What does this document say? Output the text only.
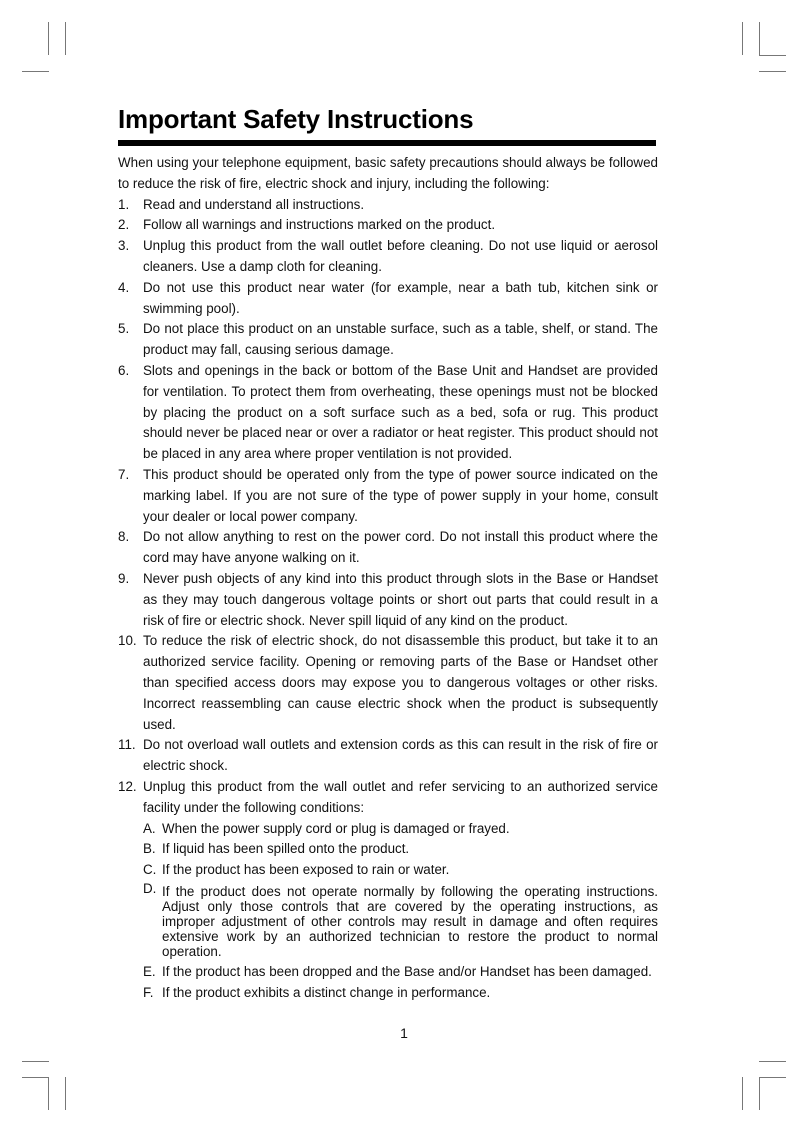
Important Safety Instructions

When using your telephone equipment, basic safety precautions should always be followed to reduce the risk of fire, electric shock and injury, including the following:

1.	Read and understand all instructions.
2.	Follow all warnings and instructions marked on the product.
3.	Unplug this product from the wall outlet before cleaning. Do not use liquid or aerosol cleaners. Use a damp cloth for cleaning.
4.	Do not use this product near water (for example, near a bath tub, kitchen sink or swimming pool).
5.	Do not place this product on an unstable surface, such as a table, shelf, or stand. The product may fall, causing serious damage.
6.	Slots and openings in the back or bottom of the Base Unit and Handset are provided for ventilation. To protect them from overheating, these openings must not be blocked by placing the product on a soft surface such as a bed, sofa or rug. This product should never be placed near or over a radiator or heat register. This product should not be placed in any area where proper ventilation is not provided.
7.	This product should be operated only from the type of power source indicated on the marking label. If you are not sure of the type of power supply in your home, consult your dealer or local power company.
8.	Do not allow anything to rest on the power cord. Do not install this product where the cord may have anyone walking on it.
9.	Never push objects of any kind into this product through slots in the Base or Handset as they may touch dangerous voltage points or short out parts that could result in a risk of fire or electric shock. Never spill liquid of any kind on the product.
10. To reduce the risk of electric shock, do not disassemble this product, but take it to an authorized service facility. Opening or removing parts of the Base or Handset other than specified access doors may expose you to dangerous voltages or other risks. Incorrect reassembling can cause electric shock when the product is subsequently used.
11. Do not overload wall outlets and extension cords as this can result in the risk of fire or electric shock.
12. Unplug this product from the wall outlet and refer servicing to an authorized service facility under the following conditions:
A. When the power supply cord or plug is damaged or frayed.
B. If liquid has been spilled onto the product.
C. If the product has been exposed to rain or water.
D. If the product does not operate normally by following the operating instructions. Adjust only those controls that are covered by the operating instructions, as improper adjustment of other controls may result in damage and often requires extensive work by an authorized technician to restore the product to normal operation.
E. If the product has been dropped and the Base and/or Handset has been damaged.
F. If the product exhibits a distinct change in performance.
1
